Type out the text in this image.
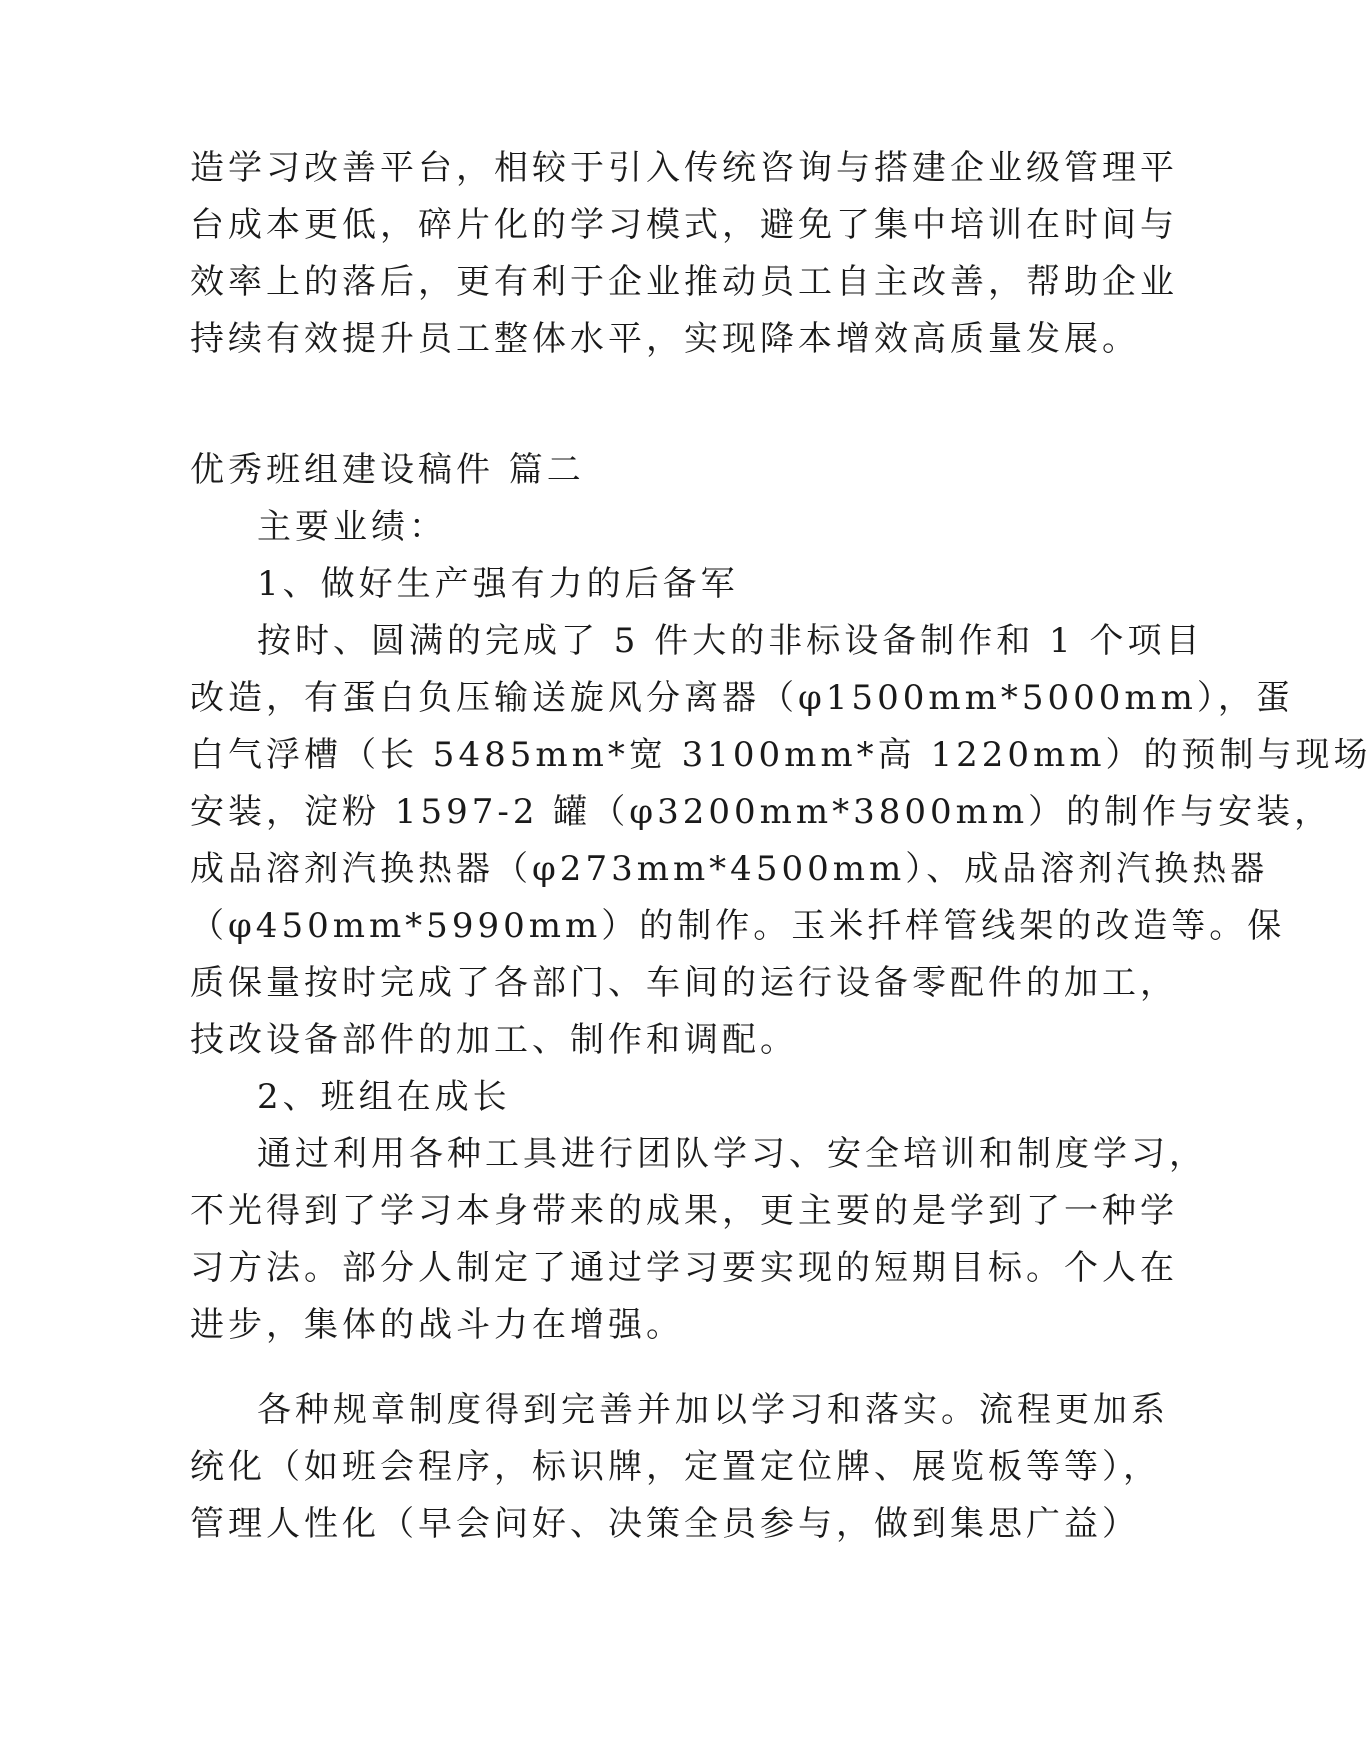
造学习改善平台，相较于引入传统咨询与搭建企业级管理平
台成本更低，碎片化的学习模式，避免了集中培训在时间与
效率上的落后，更有利于企业推动员工自主改善，帮助企业
持续有效提升员工整体水平，实现降本增效高质量发展。
优秀班组建设稿件 篇二
主要业绩：
1、做好生产强有力的后备军
按时、圆满的完成了 5 件大的非标设备制作和 1 个项目
改造，有蛋白负压输送旋风分离器（φ1500mm*5000mm），蛋
白气浮槽（长 5485mm*宽 3100mm*高 1220mm）的预制与现场
安装，淀粉 1597-2 罐（φ3200mm*3800mm）的制作与安装，
成品溶剂汽换热器（φ273mm*4500mm）、成品溶剂汽换热器
（φ450mm*5990mm）的制作。玉米扦样管线架的改造等。保
质保量按时完成了各部门、车间的运行设备零配件的加工，
技改设备部件的加工、制作和调配。
2、班组在成长
通过利用各种工具进行团队学习、安全培训和制度学习，
不光得到了学习本身带来的成果，更主要的是学到了一种学
习方法。部分人制定了通过学习要实现的短期目标。个人在
进步，集体的战斗力在增强。
各种规章制度得到完善并加以学习和落实。流程更加系
统化（如班会程序，标识牌，定置定位牌、展览板等等），
管理人性化（早会问好、决策全员参与，做到集思广益）
